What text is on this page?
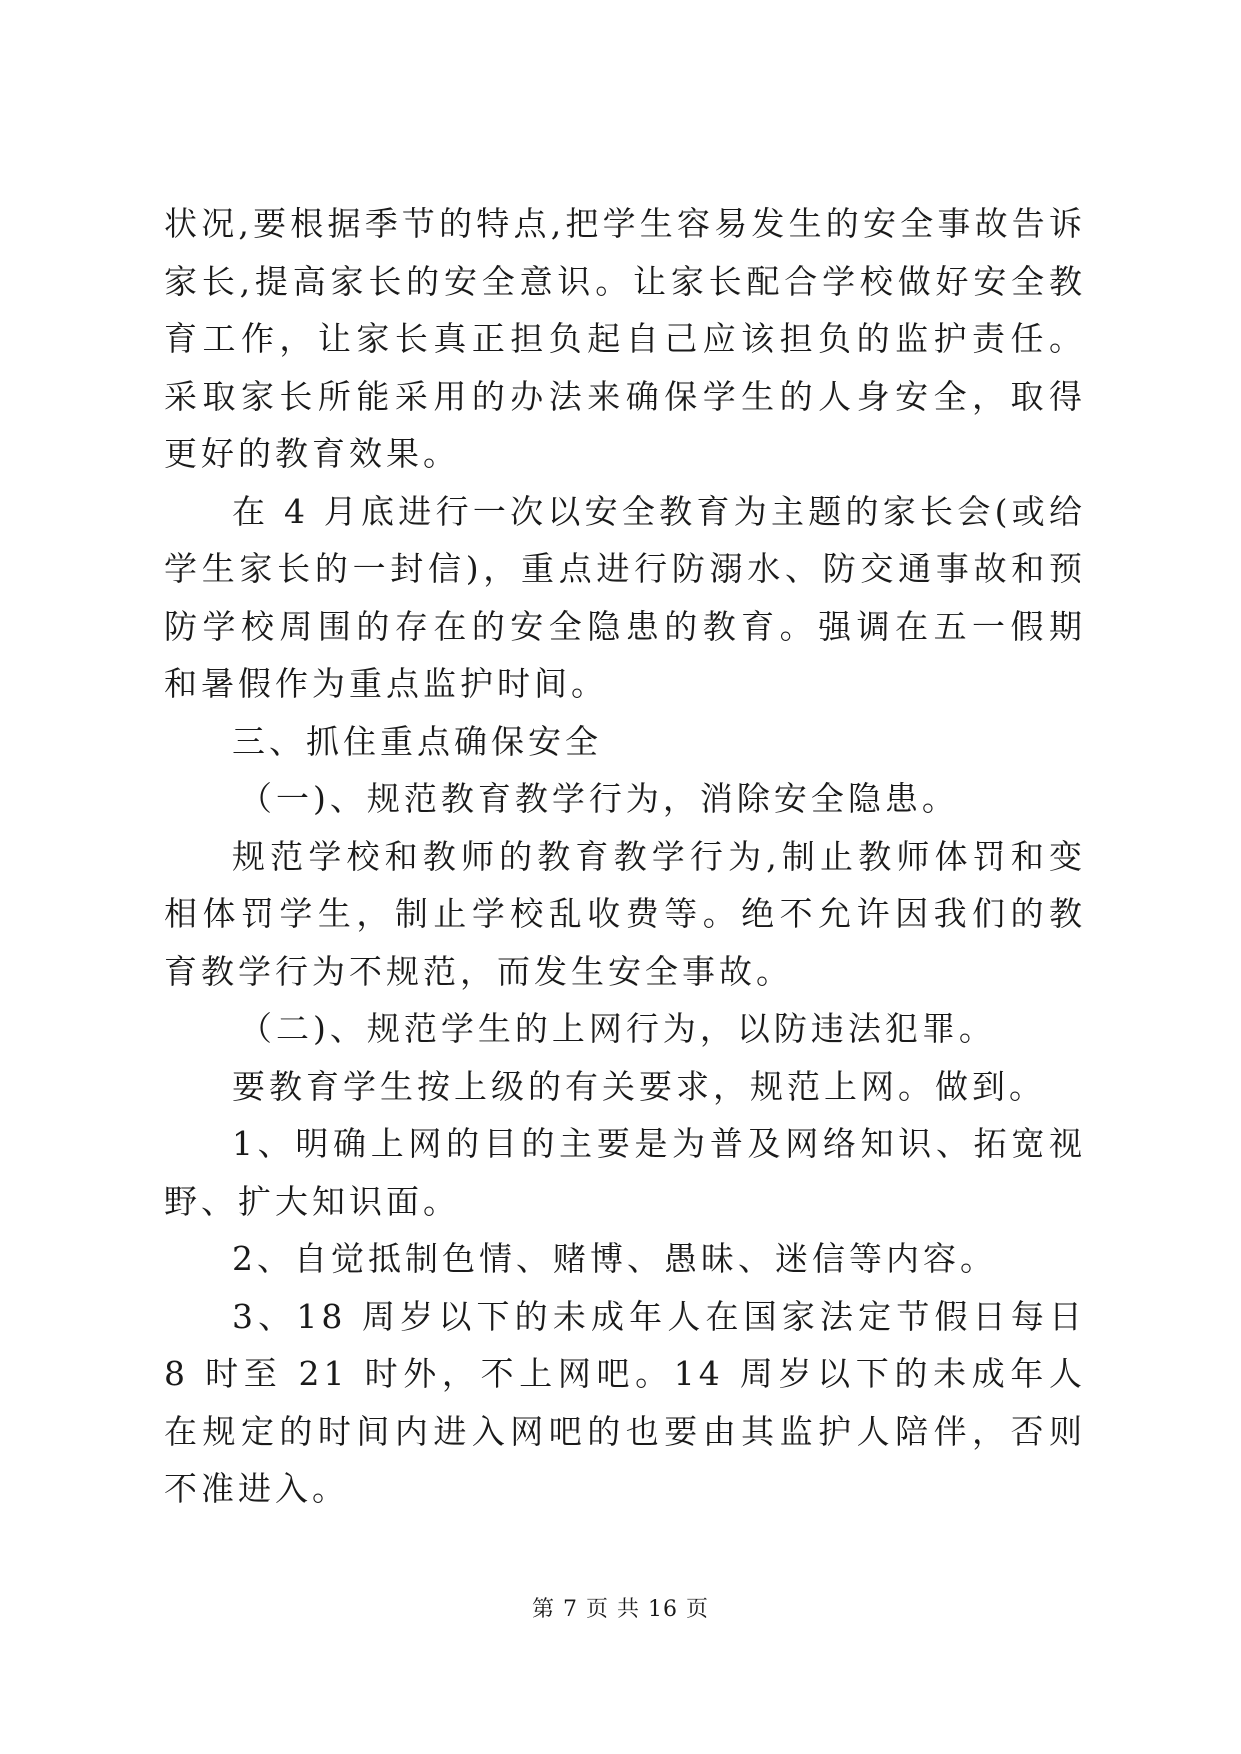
状况,要根据季节的特点,把学生容易发生的安全事故告诉家长,提高家长的安全意识。让家长配合学校做好安全教育工作，让家长真正担负起自己应该担负的监护责任。采取家长所能采用的办法来确保学生的人身安全，取得更好的教育效果。

在 4 月底进行一次以安全教育为主题的家长会(或给学生家长的一封信)，重点进行防溺水、防交通事故和预防学校周围的存在的安全隐患的教育。强调在五一假期和暑假作为重点监护时间。

三、抓住重点确保安全

（一)、规范教育教学行为，消除安全隐患。

规范学校和教师的教育教学行为,制止教师体罚和变相体罚学生，制止学校乱收费等。绝不允许因我们的教育教学行为不规范，而发生安全事故。

（二)、规范学生的上网行为，以防违法犯罪。

要教育学生按上级的有关要求，规范上网。做到。

1、明确上网的目的主要是为普及网络知识、拓宽视野、扩大知识面。

2、自觉抵制色情、赌博、愚昧、迷信等内容。

3、18 周岁以下的未成年人在国家法定节假日每日 8 时至 21 时外，不上网吧。14 周岁以下的未成年人在规定的时间内进入网吧的也要由其监护人陪伴，否则不准进入。

第 7 页 共 16 页
